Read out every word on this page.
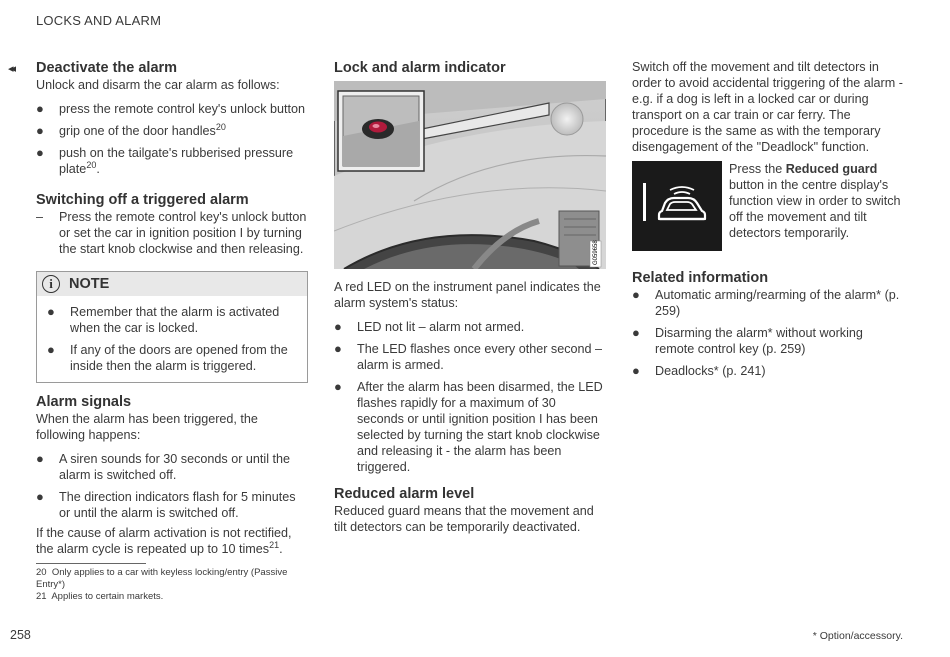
LOCKS AND ALARM
◂◂ Deactivate the alarm

Unlock and disarm the car alarm as follows:

● press the remote control key's unlock button
● grip one of the door handles$^{20}$
● push on the tailgate's rubberised pressure plate$^{20}$.
Switching off a triggered alarm
– Press the remote control key's unlock button or set the car in ignition position I by turning the start knob clockwise and then releasing.
i	NOTE
● Remember that the alarm is activated when the car is locked.
● If any of the doors are opened from the inside then the alarm is triggered.
Alarm signals

When the alarm has been triggered, the following happens:

● A siren sounds for 30 seconds or until the alarm is switched off.
● The direction indicators flash for 5 minutes or until the alarm is switched off.

If the cause of alarm activation is not rectified, the alarm cycle is repeated up to 10 times$^{21}$.

Lock and alarm indicator
G059658

A red LED on the instrument panel indicates the alarm system's status:

● LED not lit – alarm not armed.
● The LED flashes once every other second – alarm is armed.
● After the alarm has been disarmed, the LED flashes rapidly for a maximum of 30 seconds or until ignition position I has been selected by turning the start knob clockwise and releasing it - the alarm has been triggered.
Reduced alarm level

Reduced guard means that the movement and tilt detectors can be temporarily deactivated.

Switch off the movement and tilt detectors in order to avoid accidental triggering of the alarm - e.g. if a dog is left in a locked car or during transport on a car train or car ferry. The procedure is the same as with the temporary disengagement of the "Deadlock" function.

Press the Reduced guard button in the centre display's function view in order to switch off the movement and tilt detectors temporarily.

Related information
● Automatic arming/rearming of the alarm* (p. 259)
● Disarming the alarm* without working remote control key (p. 259)
● Deadlocks* (p. 241)
20 Only applies to a car with keyless locking/entry (Passive Entry*)
21 Applies to certain markets.
258	* Option/accessory.
